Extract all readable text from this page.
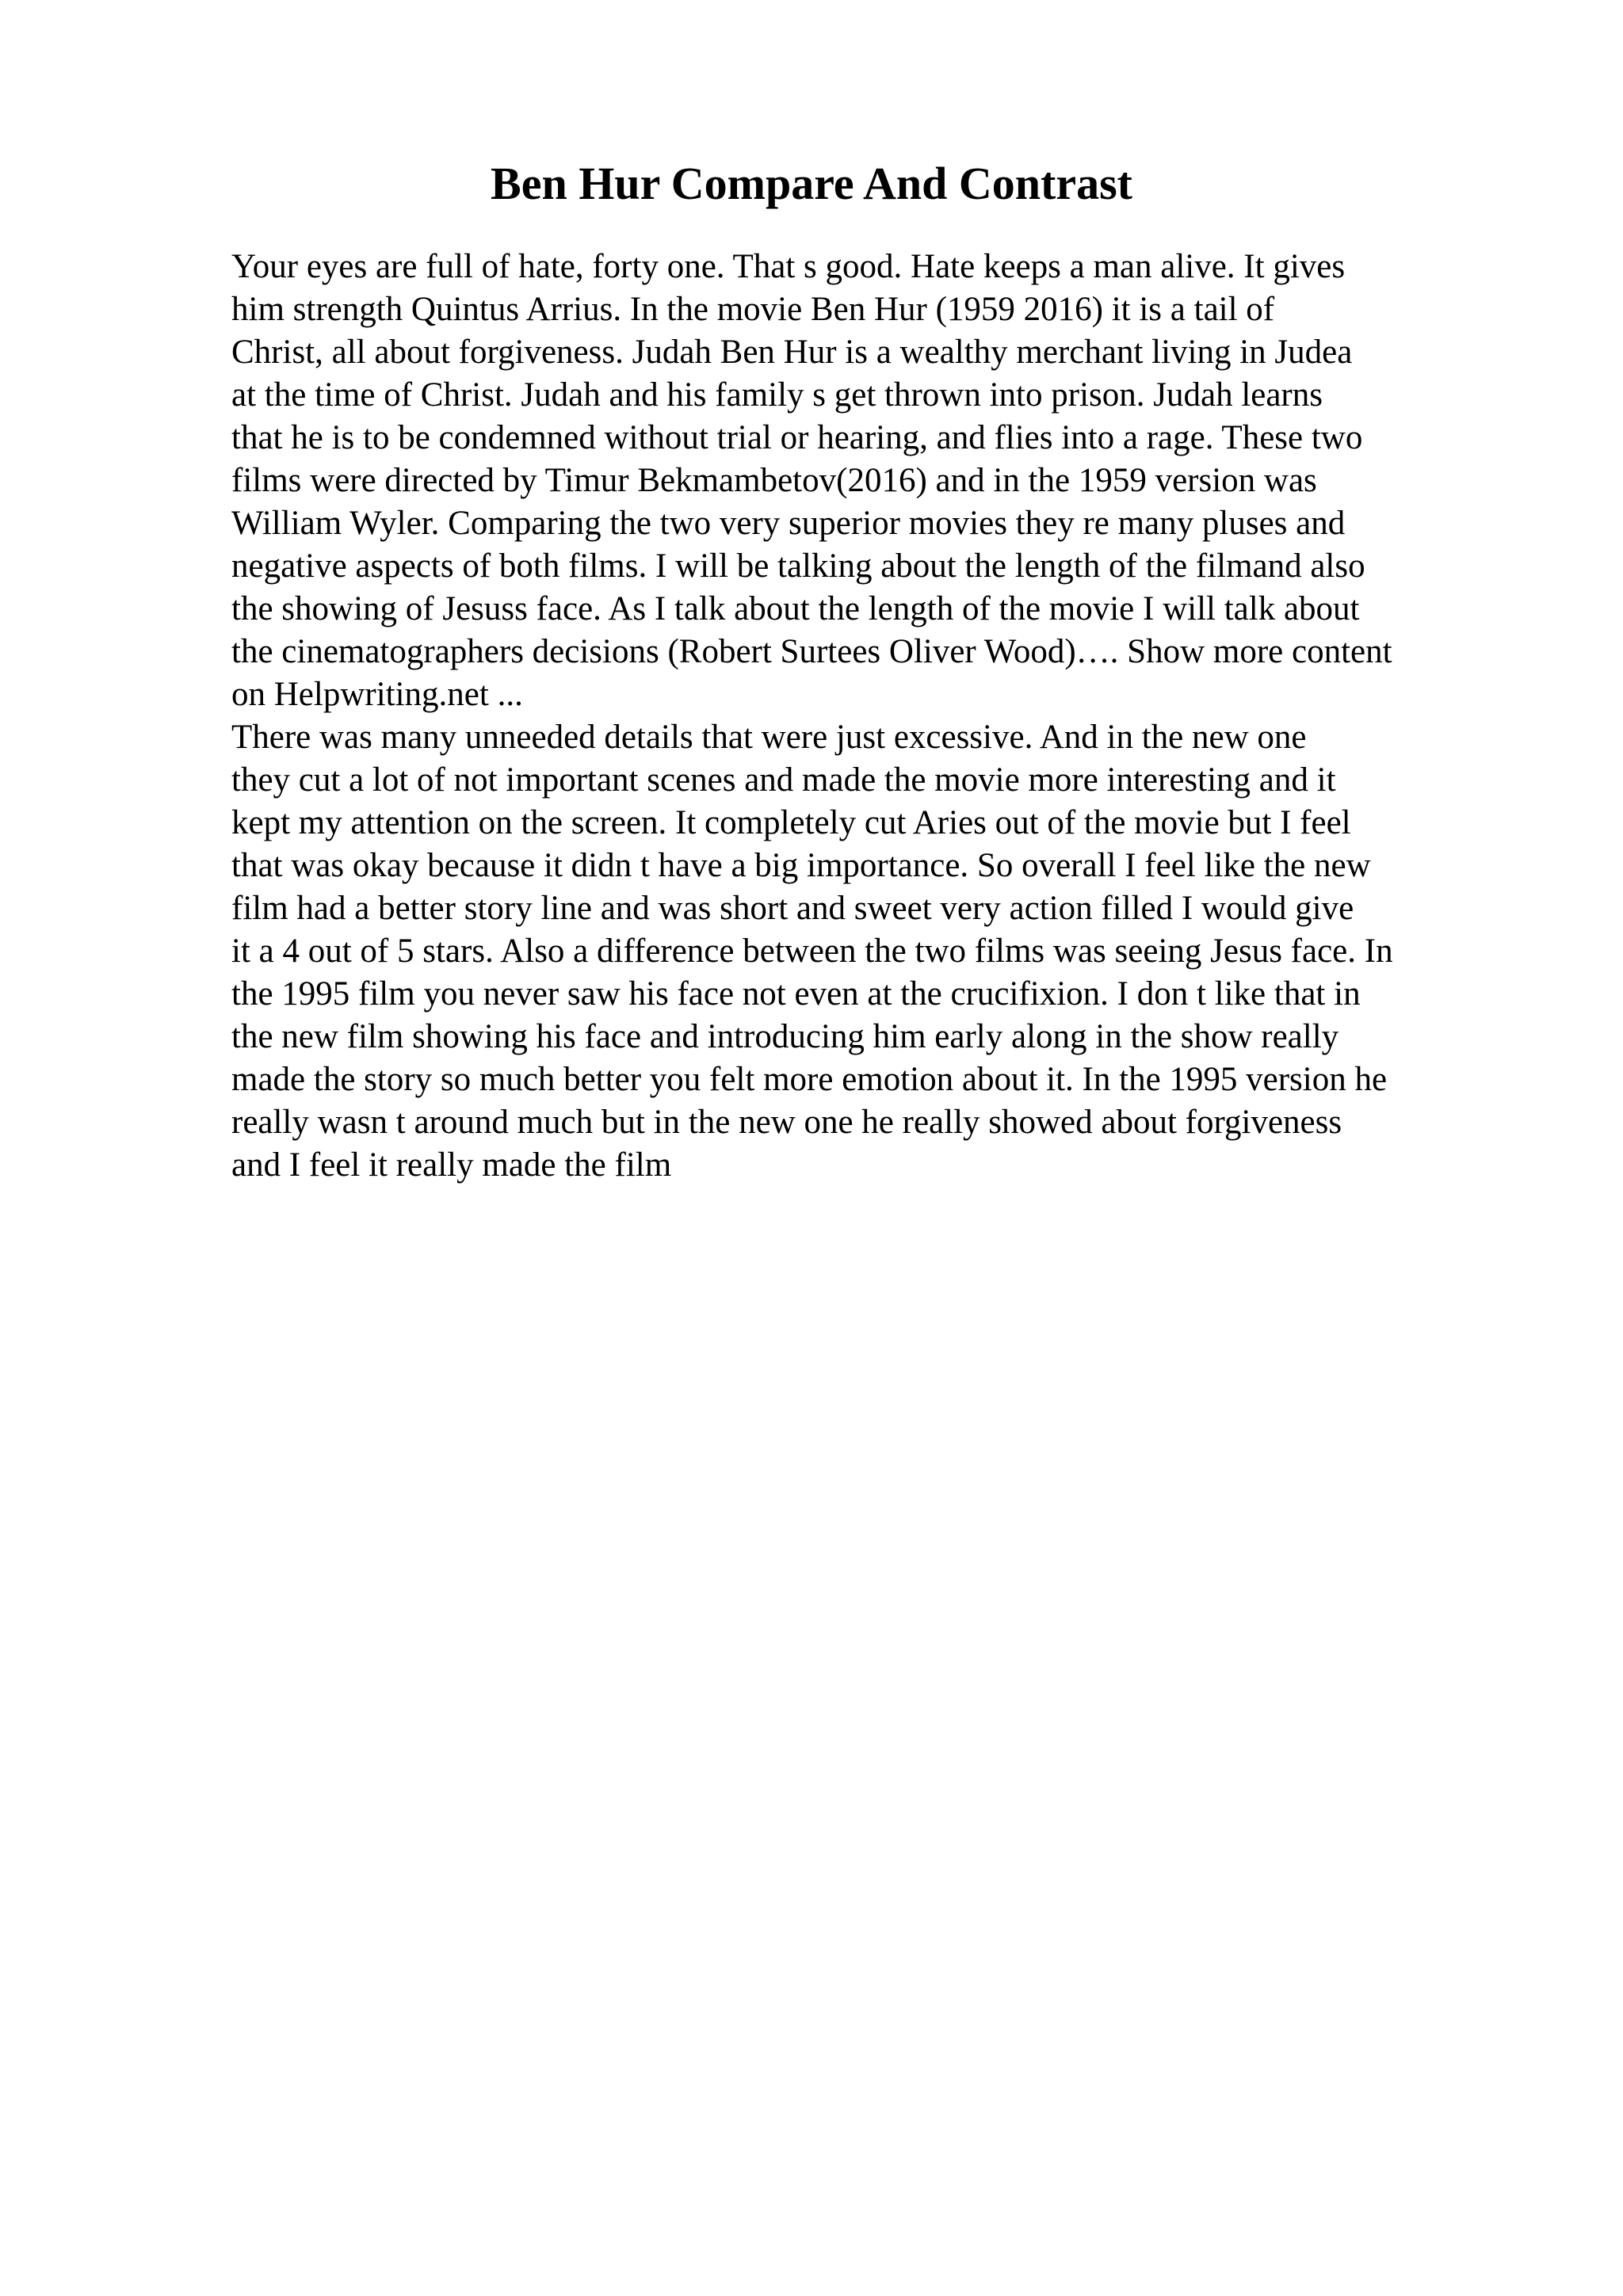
Ben Hur Compare And Contrast
Your eyes are full of hate, forty one. That s good. Hate keeps a man alive. It gives
him strength Quintus Arrius. In the movie Ben Hur (1959 2016) it is a tail of
Christ, all about forgiveness. Judah Ben Hur is a wealthy merchant living in Judea
at the time of Christ. Judah and his family s get thrown into prison. Judah learns
that he is to be condemned without trial or hearing, and flies into a rage. These two
films were directed by Timur Bekmambetov(2016) and in the 1959 version was
William Wyler. Comparing the two very superior movies they re many pluses and
negative aspects of both films. I will be talking about the length of the filmand also
the showing of Jesuss face. As I talk about the length of the movie I will talk about
the cinematographers decisions (Robert Surtees Oliver Wood)…. Show more content
on Helpwriting.net ...
There was many unneeded details that were just excessive. And in the new one
they cut a lot of not important scenes and made the movie more interesting and it
kept my attention on the screen. It completely cut Aries out of the movie but I feel
that was okay because it didn t have a big importance. So overall I feel like the new
film had a better story line and was short and sweet very action filled I would give
it a 4 out of 5 stars. Also a difference between the two films was seeing Jesus face. In
the 1995 film you never saw his face not even at the crucifixion. I don t like that in
the new film showing his face and introducing him early along in the show really
made the story so much better you felt more emotion about it. In the 1995 version he
really wasn t around much but in the new one he really showed about forgiveness
and I feel it really made the film
